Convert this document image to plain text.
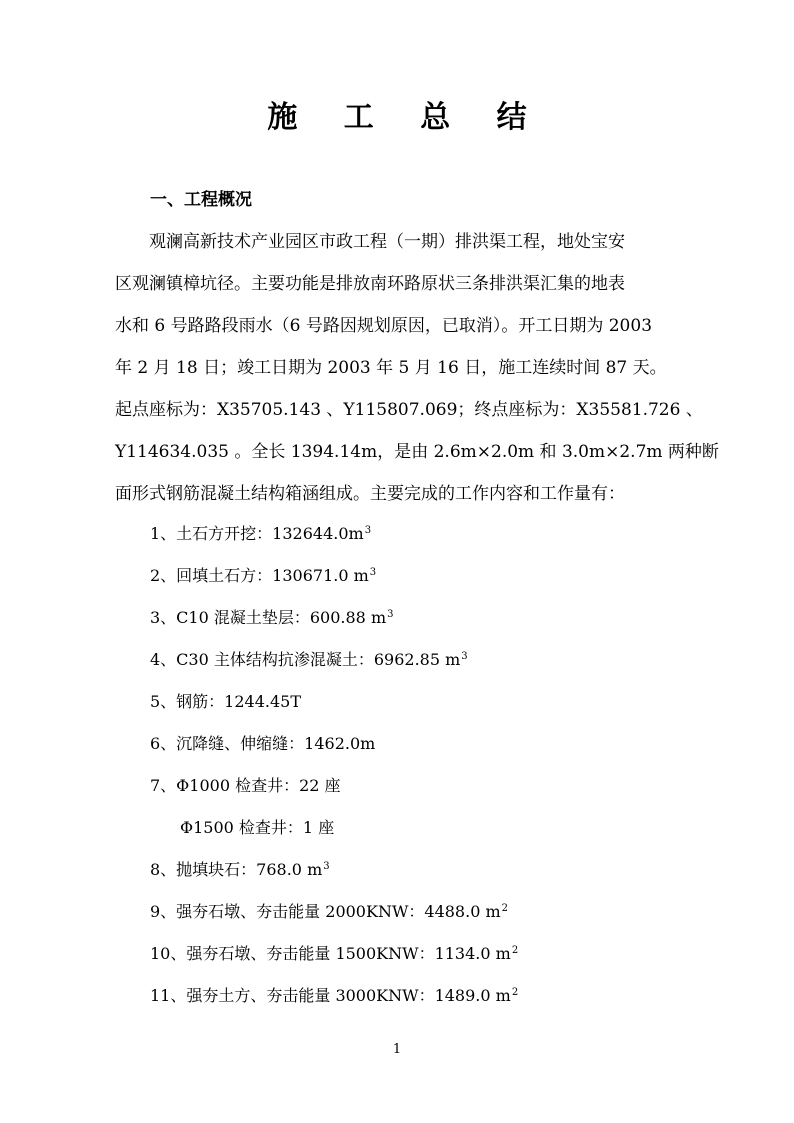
施 工 总 结
一、工程概况
　　观澜高新技术产业园区市政工程（一期）排洪渠工程，地处宝安
区观澜镇樟坑径。主要功能是排放南环路原状三条排洪渠汇集的地表
水和 6 号路路段雨水（6 号路因规划原因，已取消）。开工日期为 2003
年 2 月 18 日；竣工日期为 2003 年 5 月 16 日，施工连续时间 87 天。
起点座标为：X35705.143 、Y115807.069；终点座标为：X35581.726 、
Y114634.035 。全长 1394.14m，是由 2.6m×2.0m 和 3.0m×2.7m 两种断
面形式钢筋混凝土结构箱涵组成。主要完成的工作内容和工作量有：
1、土石方开挖：$132644.0m^3$
2、回填土石方：130671.0 $m^3$
3、C10 混凝土垫层：600.88 $m^3$
4、C30 主体结构抗渗混凝土：6962.85 $m^3$
5、钢筋：1244.45T
6、沉降缝、伸缩缝：1462.0m
7、Φ1000 检查井：22 座
Φ1500 检查井：1 座
8、抛填块石：768.0 $m^3$
9、强夯石墩、夯击能量 2000KNW：4488.0 $m^2$
10、强夯石墩、夯击能量 1500KNW：1134.0 $m^2$
11、强夯土方、夯击能量 3000KNW：1489.0 $m^2$
1
